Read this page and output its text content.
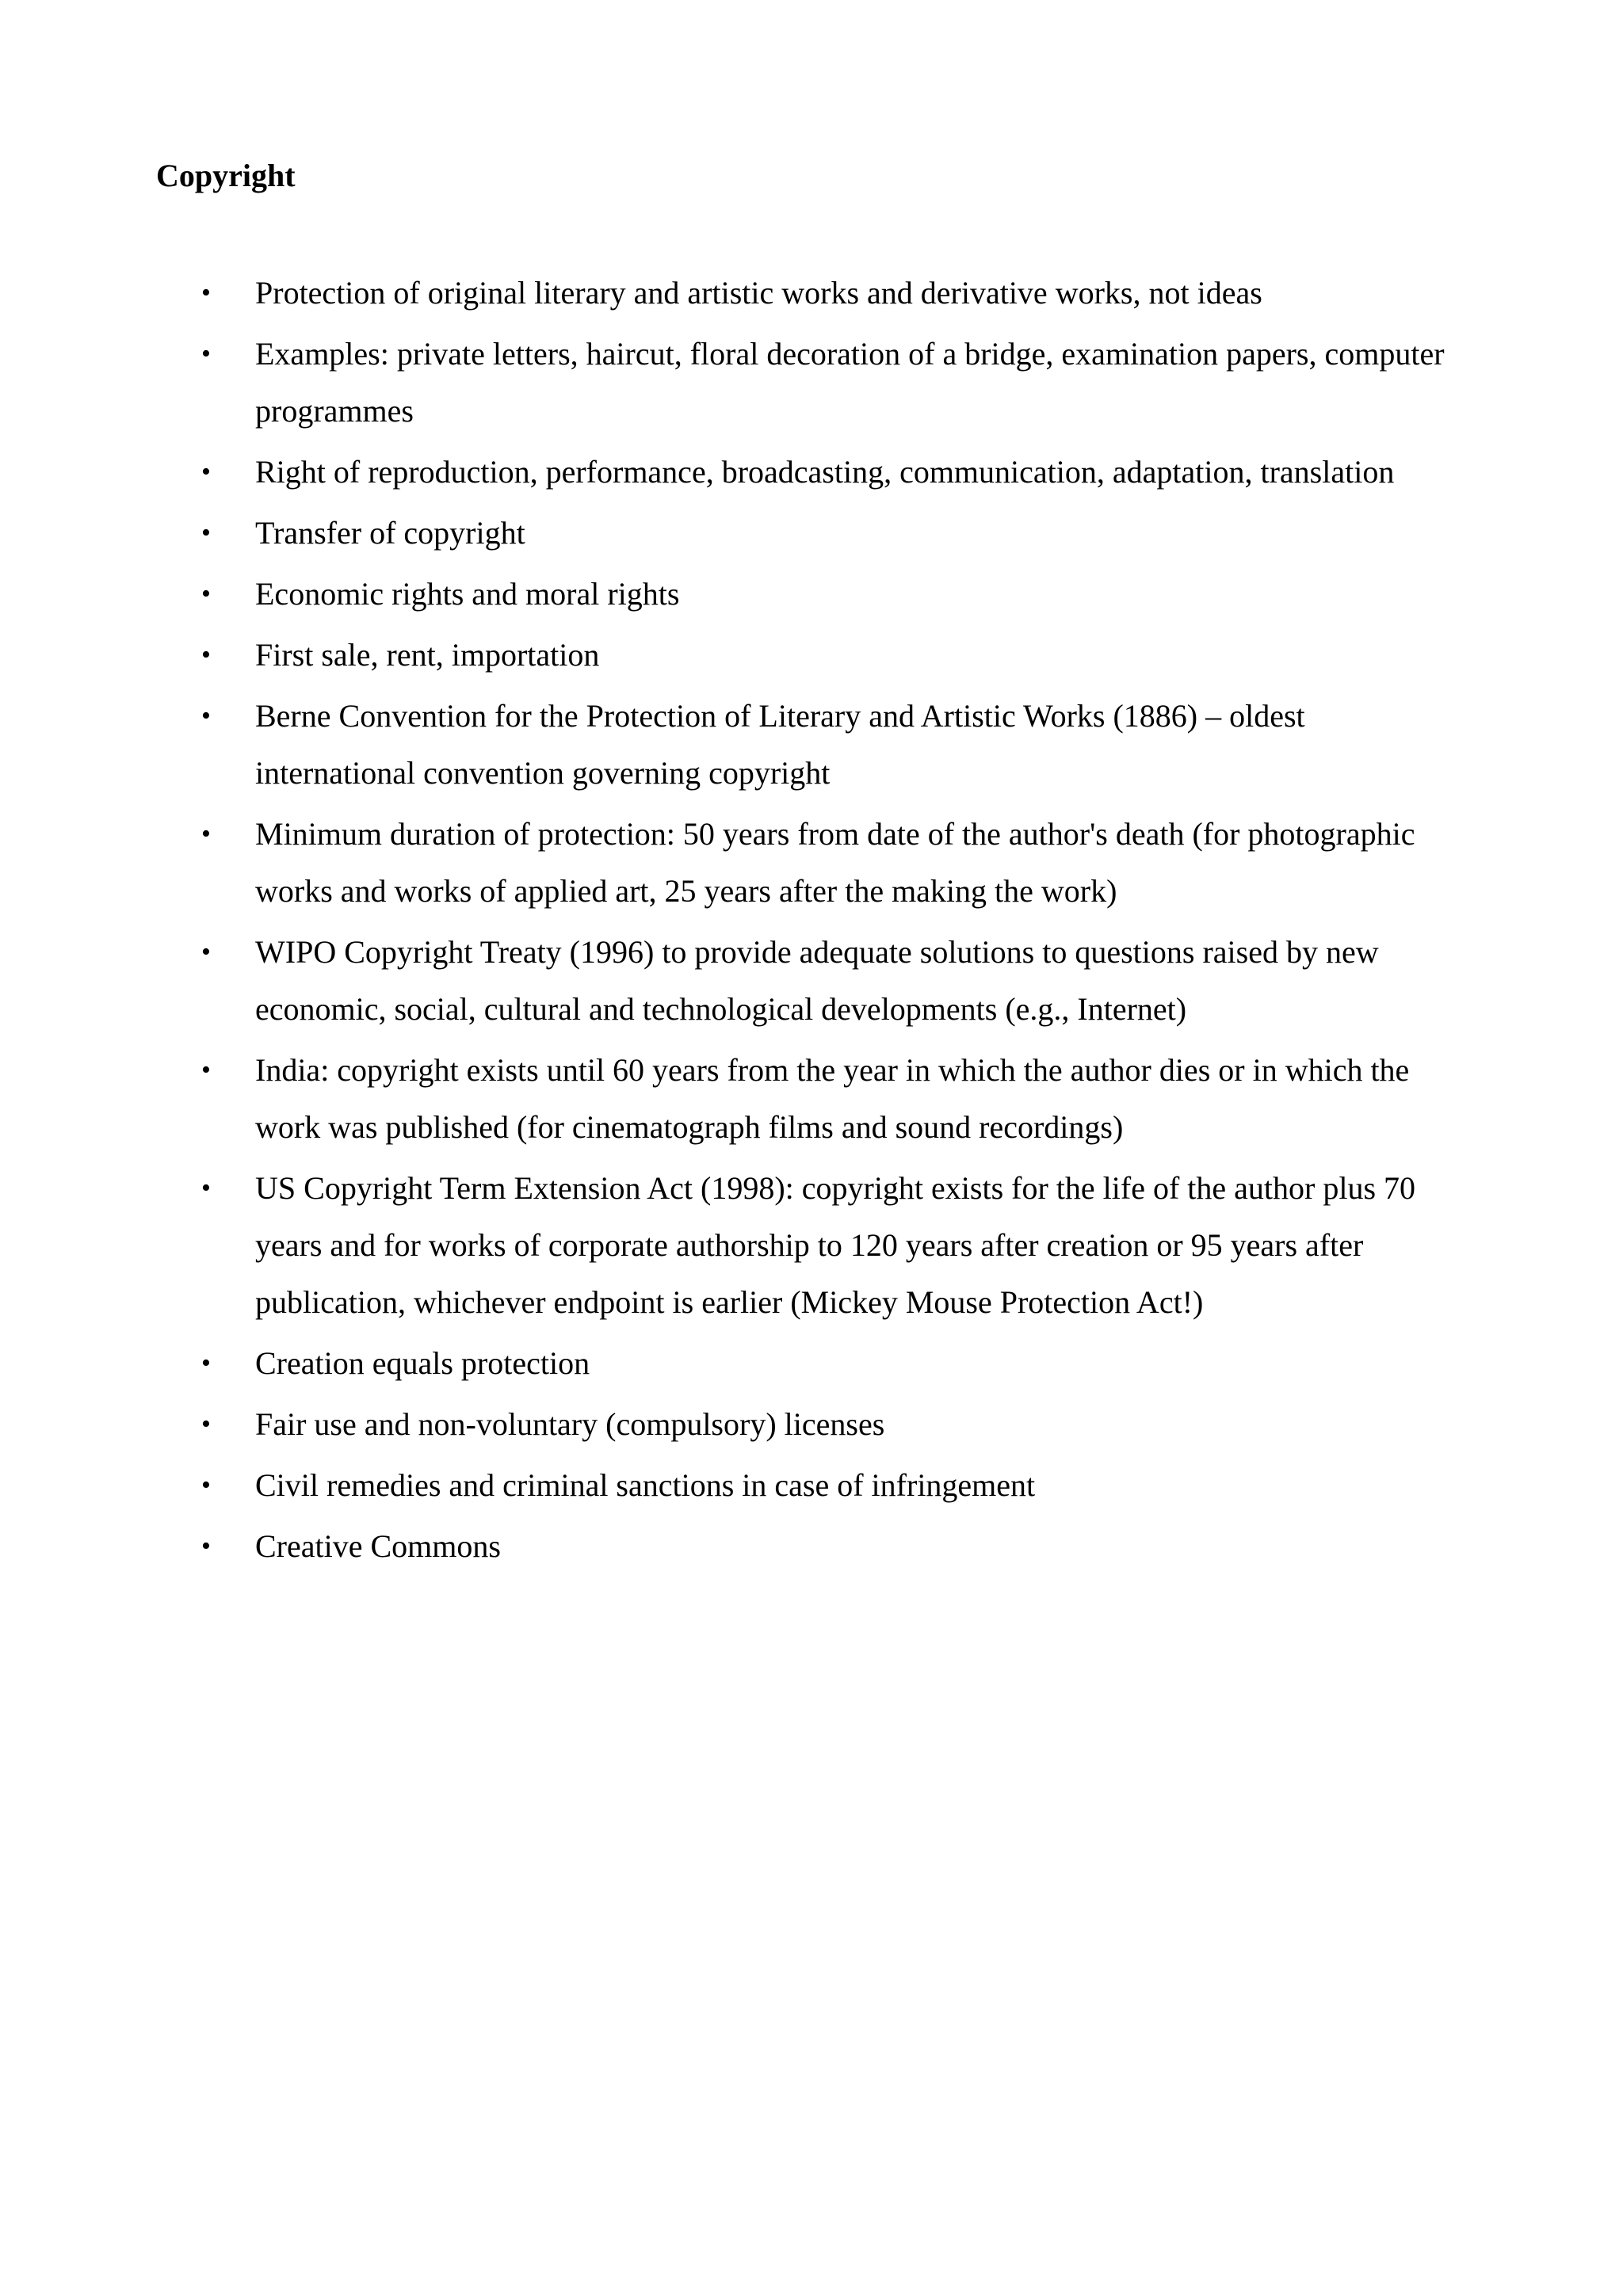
Copyright
• Protection of original literary and artistic works and derivative works, not ideas
• Examples: private letters, haircut, floral decoration of a bridge, examination papers, computer programmes
• Right of reproduction, performance, broadcasting, communication, adaptation, translation
• Transfer of copyright
• Economic rights and moral rights
• First sale, rent, importation
• Berne Convention for the Protection of Literary and Artistic Works (1886) – oldest international convention governing copyright
• Minimum duration of protection: 50 years from date of the author's death (for photographic works and works of applied art, 25 years after the making the work)
• WIPO Copyright Treaty (1996) to provide adequate solutions to questions raised by new economic, social, cultural and technological developments (e.g., Internet)
• India: copyright exists until 60 years from the year in which the author dies or in which the work was published (for cinematograph films and sound recordings)
• US Copyright Term Extension Act (1998): copyright exists for the life of the author plus 70 years and for works of corporate authorship to 120 years after creation or 95 years after publication, whichever endpoint is earlier (Mickey Mouse Protection Act!)
• Creation equals protection
• Fair use and non-voluntary (compulsory) licenses
• Civil remedies and criminal sanctions in case of infringement
• Creative Commons
